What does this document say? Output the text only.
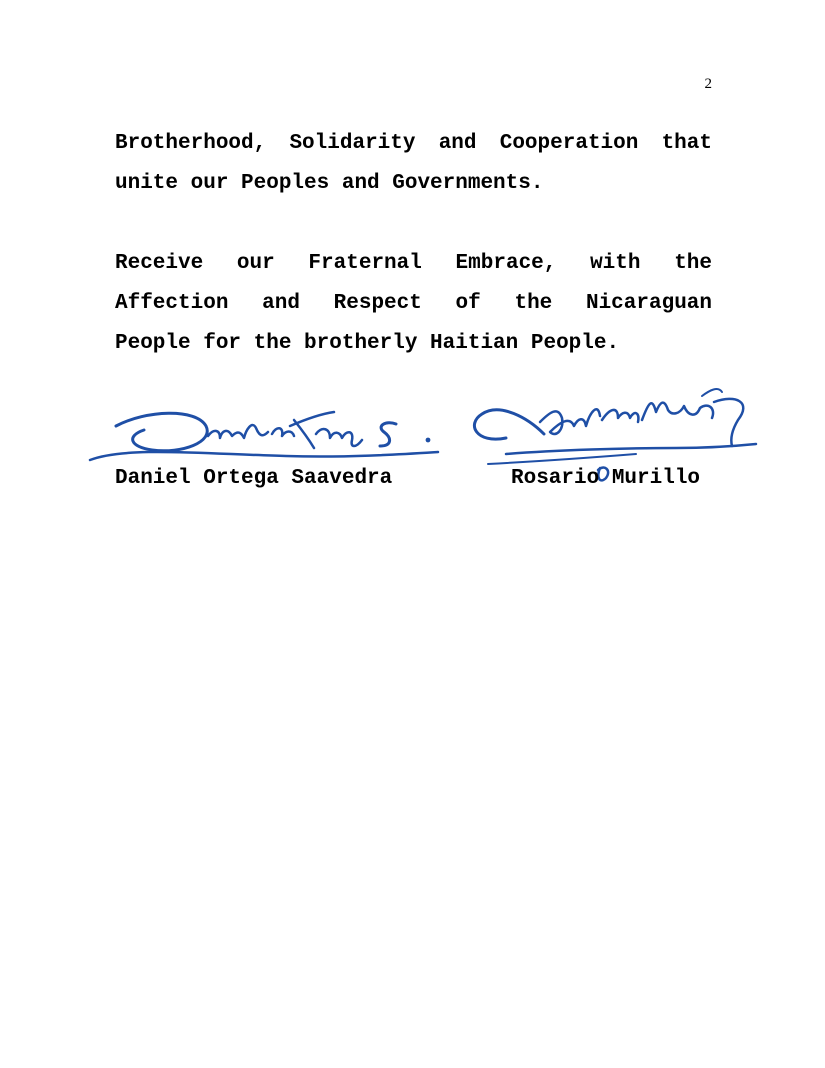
2

Brotherhood, Solidarity and Cooperation that
unite our Peoples and Governments.

Receive our Fraternal Embrace, with the
Affection and Respect of the Nicaraguan
People for the brotherly Haitian People.

Daniel Ortega Saavedra	Rosario Murillo
